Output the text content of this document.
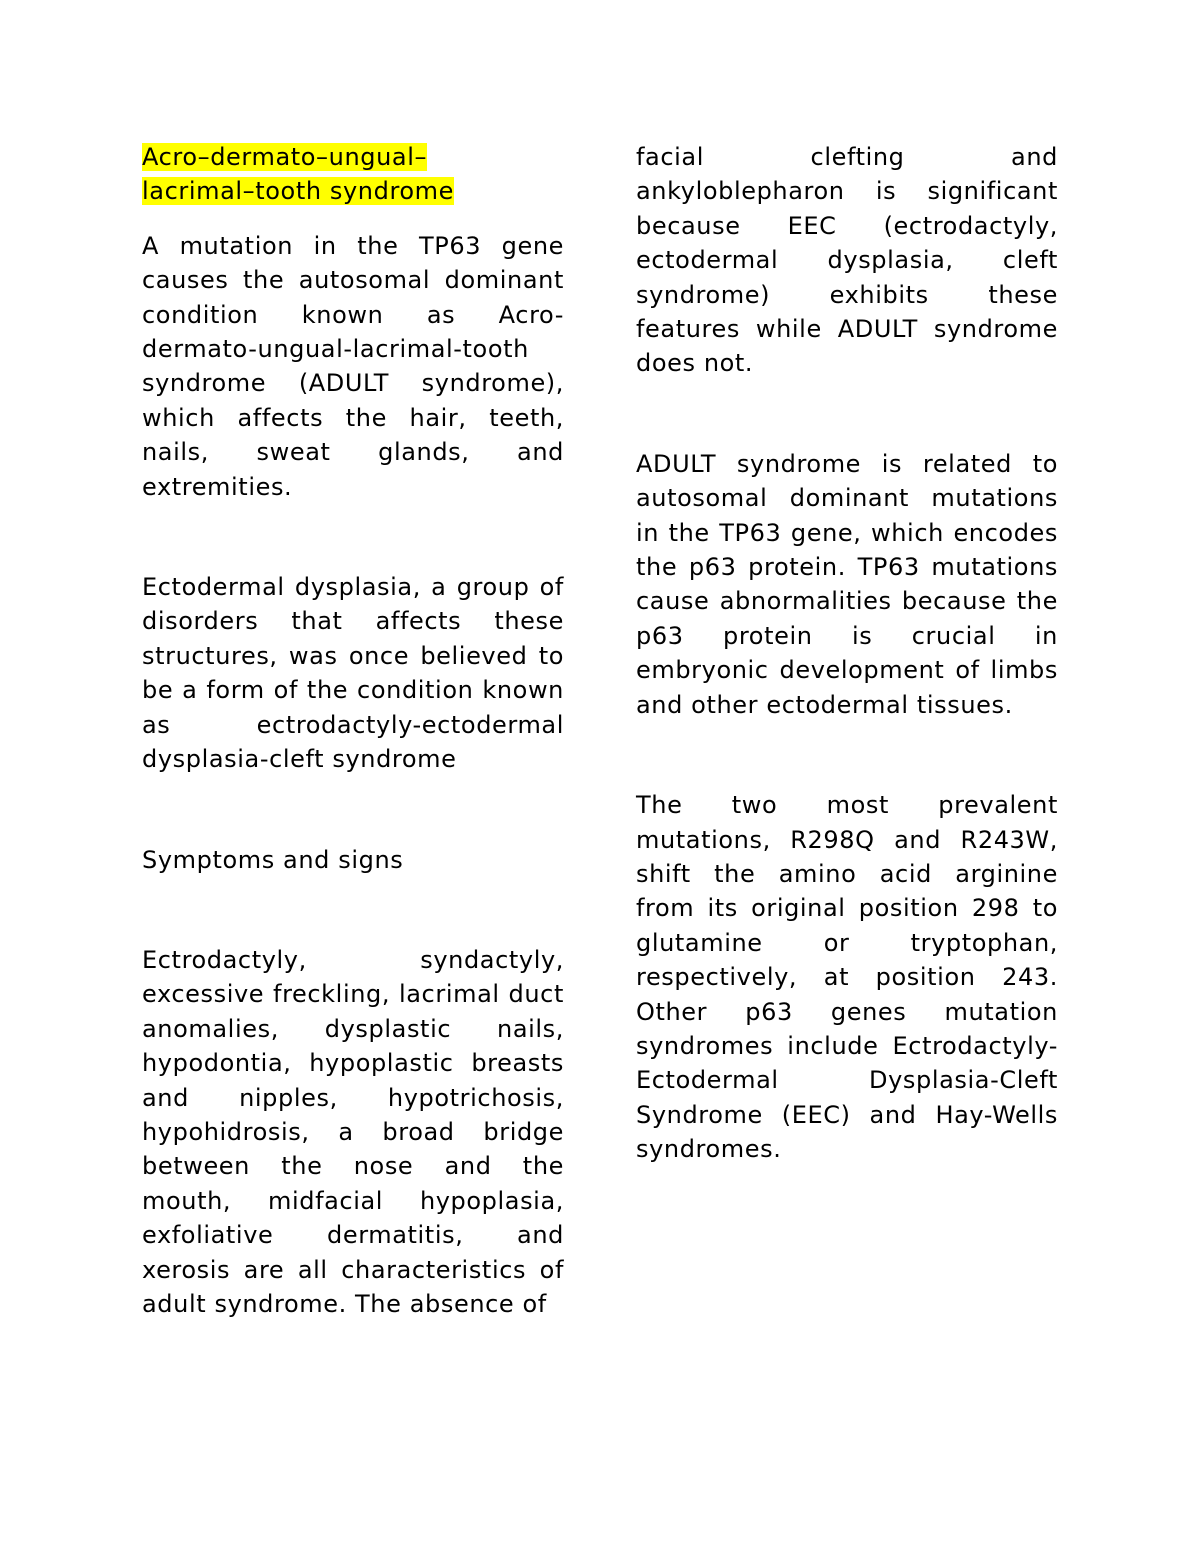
Acro–dermato–ungual–
lacrimal–tooth syndrome

A mutation in the TP63 gene causes the autosomal dominant condition known as Acro-dermato-ungual-lacrimal-tooth syndrome (ADULT syndrome), which affects the hair, teeth, nails, sweat glands, and extremities.

Ectodermal dysplasia, a group of disorders that affects these structures, was once believed to be a form of the condition known as ectrodactyly-ectodermal dysplasia-cleft syndrome

Symptoms and signs

Ectrodactyly, syndactyly, excessive freckling, lacrimal duct anomalies, dysplastic nails, hypodontia, hypoplastic breasts and nipples, hypotrichosis, hypohidrosis, a broad bridge between the nose and the mouth, midfacial hypoplasia, exfoliative dermatitis, and xerosis are all characteristics of adult syndrome. The absence of

facial clefting and ankyloblepharon is significant because EEC (ectrodactyly, ectodermal dysplasia, cleft syndrome) exhibits these features while ADULT syndrome does not.

ADULT syndrome is related to autosomal dominant mutations in the TP63 gene, which encodes the p63 protein. TP63 mutations cause abnormalities because the p63 protein is crucial in embryonic development of limbs and other ectodermal tissues.

The two most prevalent mutations, R298Q and R243W, shift the amino acid arginine from its original position 298 to glutamine or tryptophan, respectively, at position 243. Other p63 genes mutation syndromes include Ectrodactyly-Ectodermal Dysplasia-Cleft Syndrome (EEC) and Hay-Wells syndromes.
